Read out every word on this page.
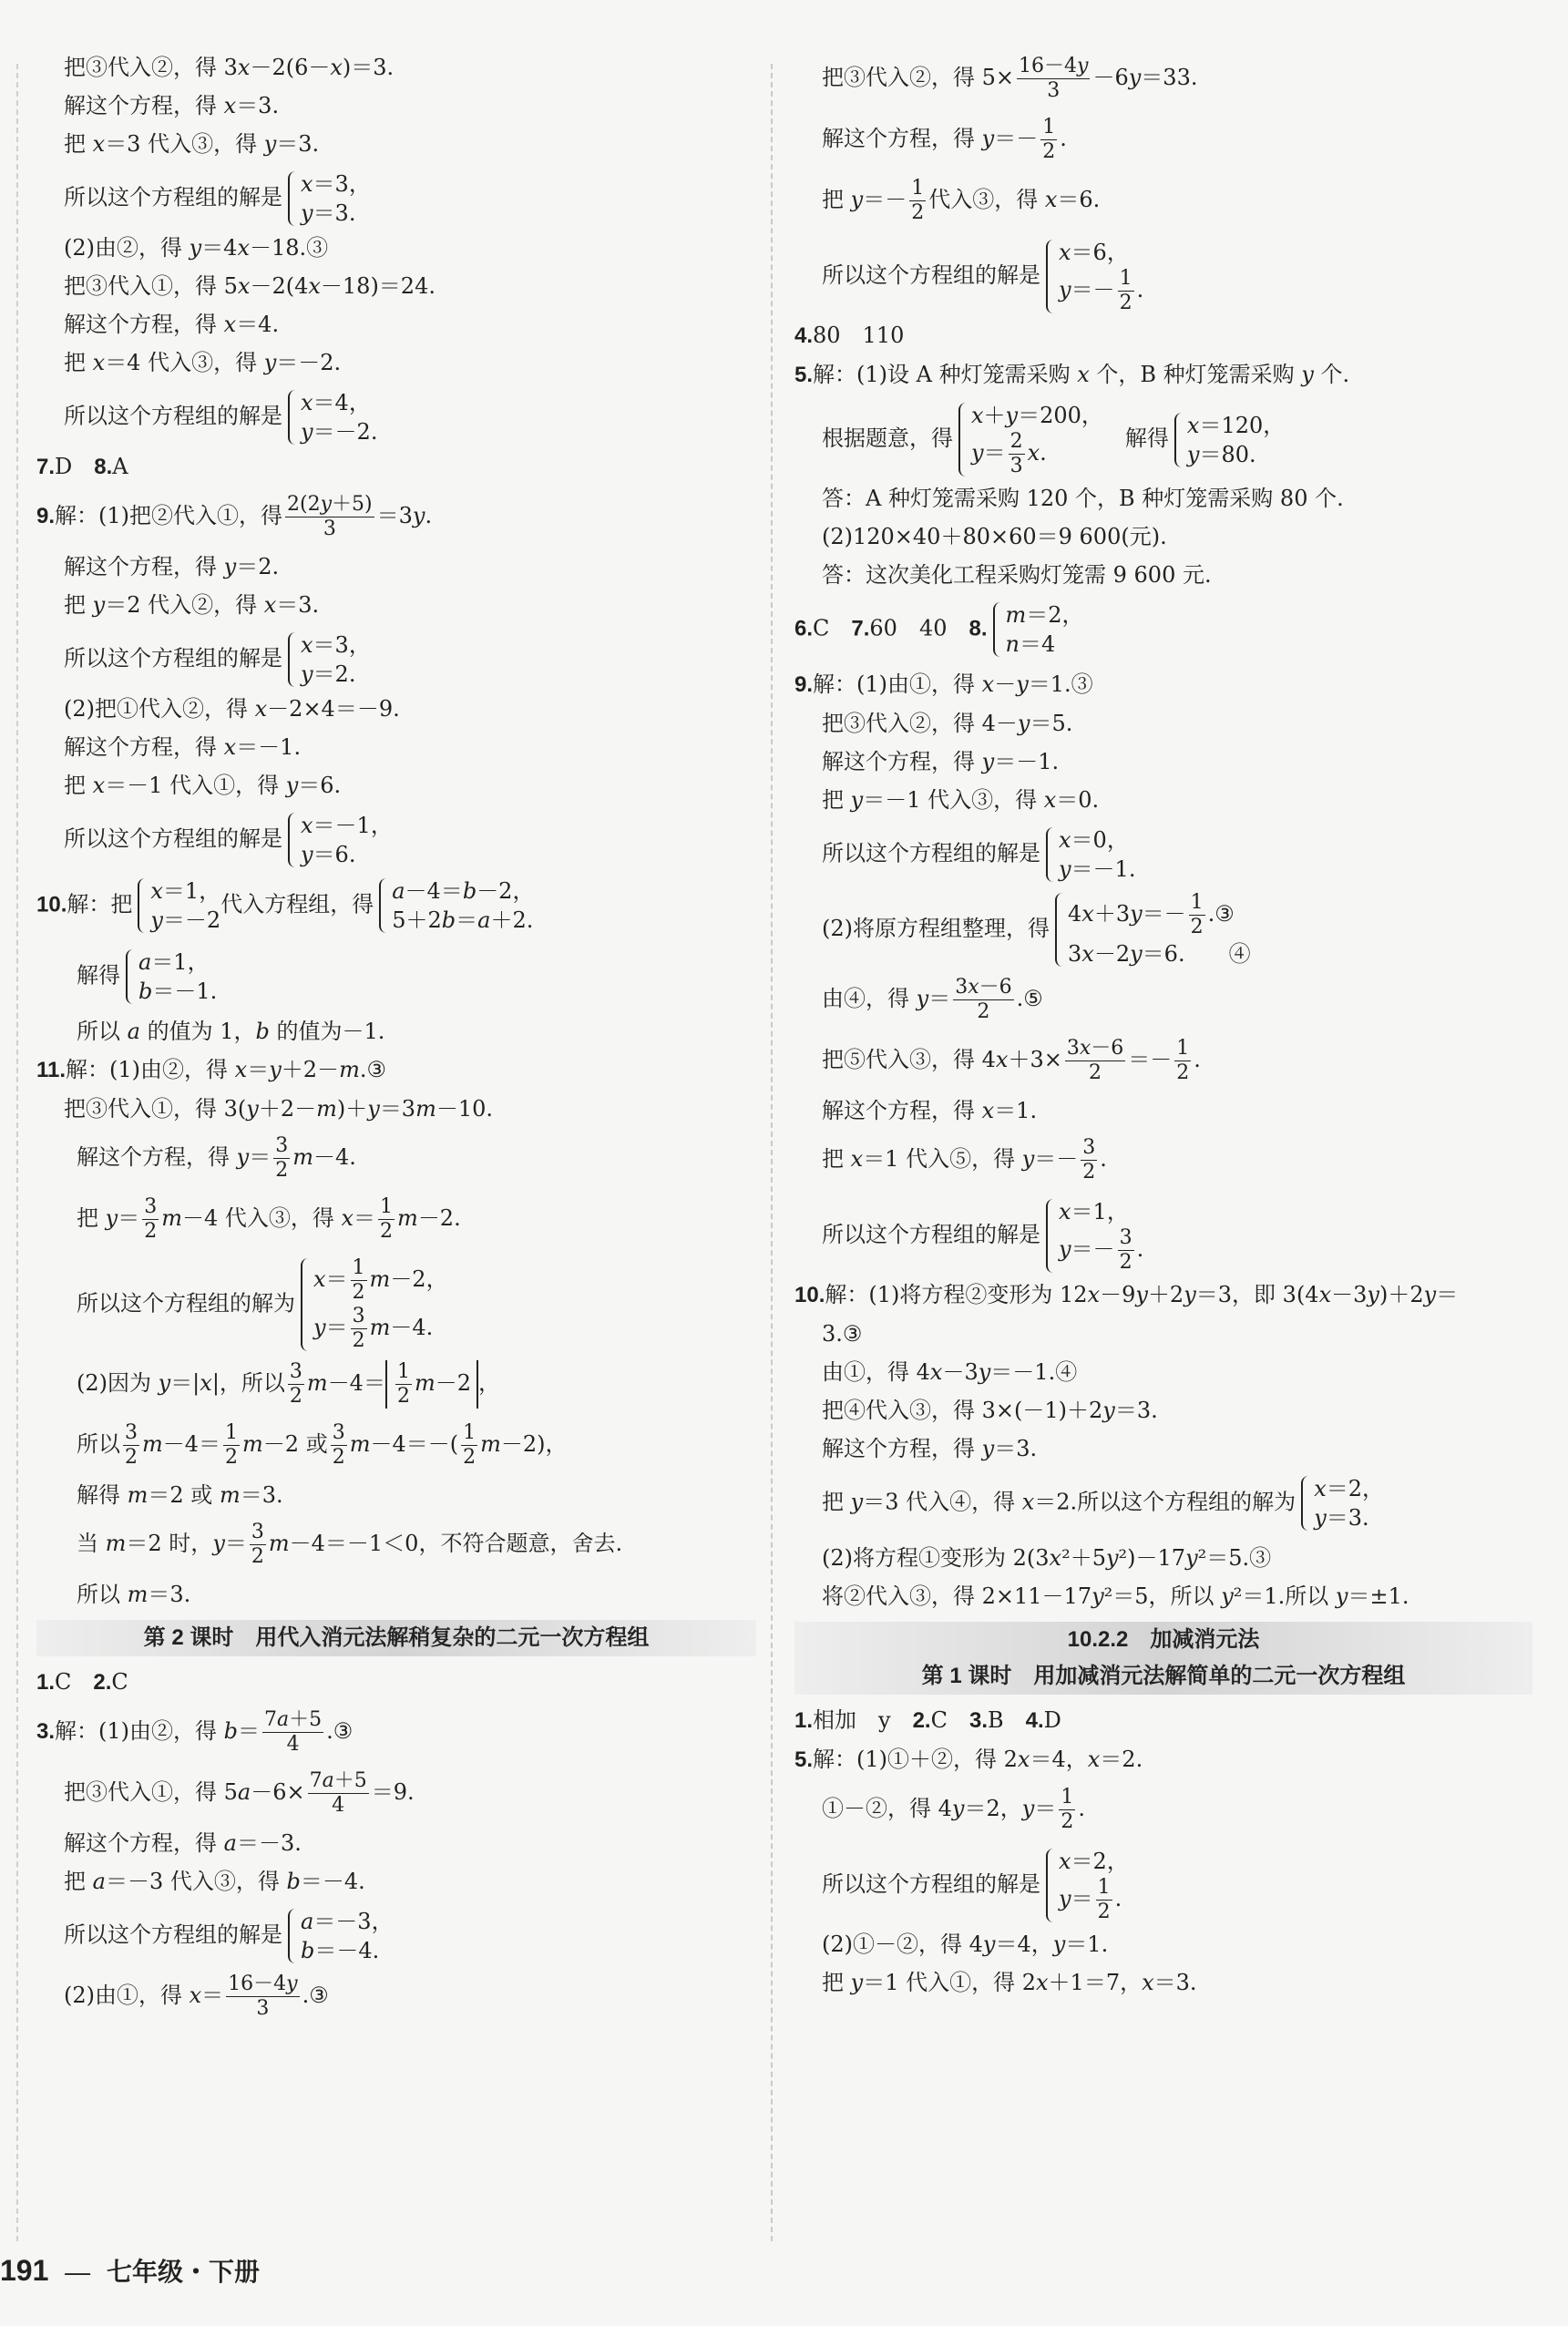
把③代入②，得 3x－2(6－x)＝3.
解这个方程，得 x＝3.
把 x＝3 代入③，得 y＝3.
所以这个方程组的解是
x＝3，
y＝3.
(2)由②，得 y＝4x－18.③
把③代入①，得 5x－2(4x－18)＝24.
解这个方程，得 x＝4.
把 x＝4 代入③，得 y＝－2.
所以这个方程组的解是
x＝4，
y＝－2.
7.D　 8.A
9.解：(1)把②代入①，得 $\frac{2(2y+5)}{3} =3y$.
解这个方程，得 y＝2.
把 y＝2 代入②，得 x＝3.
所以这个方程组的解是
x＝3，
y＝2.
(2)把①代入②，得 x－2×4＝－9.
解这个方程，得 x＝－1.
把 x＝－1 代入①，得 y＝6.
所以这个方程组的解是
x＝－1，
y＝6.
10.解：把
x＝1，
y＝－2
代入方程组，得
a－4＝b－2，
5＋2b＝a＋2.
解得
a＝1，
b＝－1.
所以 a 的值为 1，b 的值为－1.
11.解：(1)由②，得 x＝y＋2－m.③
把③代入①，得 3(y＋2－m)＋y＝3m－10.
解这个方程，得 $y= \frac{3}{2} m-4$.
把 $y= \frac{3}{2} m-4$ 代入③，得 $x= \frac{1}{2} m-2$.
所以这个方程组的解为
$x= \frac{1}{2} m-2$，
$y= \frac{3}{2} m-4$.
(2)因为 y＝|x|，所以 $\frac{3}{2} m-4= \frac{1}{2} m-2$ ，
所以 $\frac{3}{2} m-4= \frac{1}{2} m-2$ 或 $\frac{3}{2} m-4=-( \frac{1}{2} m-2)$，
解得 m＝2 或 m＝3.
当 m＝2 时，$y= \frac{3}{2} m-4=-1<0$，不符合题意，舍去.
所以 m＝3.
第 2 课时　用代入消元法解稍复杂的二元一次方程组
1.C　 2.C
3.解：(1)由②，得 $b= \frac{7a+5}{4}$ .③
把③代入①，得 $5a-6\times \frac{7a+5}{4} =9$.
解这个方程，得 a＝－3.
把 a＝－3 代入③，得 b＝－4.
所以这个方程组的解是
a＝－3，
b＝－4.
(2)由①，得 $x= \frac{16-4y}{3}$ .③
把③代入②，得 $5\times \frac{16-4y}{3} -6y=33$.
解这个方程，得 $y=- \frac{1}{2}$ .
把 $y=- \frac{1}{2}$ 代入③，得 x＝6.
所以这个方程组的解是
x＝6，
$y=- \frac{1}{2}$ .
4.80　110
5.解：(1)设 A 种灯笼需采购 x 个，B 种灯笼需采购 y 个.
根据题意，得
x＋y＝200，
$y= \frac{2}{3} x$.
　解得
x＝120，
y＝80.
答：A 种灯笼需采购 120 个，B 种灯笼需采购 80 个.
(2)120×40＋80×60＝9 600(元).
答：这次美化工程采购灯笼需 9 600 元.
6.C　 7.60　40　 8.
m＝2，
n＝4
9.解：(1)由①，得 x－y＝1.③
把③代入②，得 4－y＝5.
解这个方程，得 y＝－1.
把 y＝－1 代入③，得 x＝0.
所以这个方程组的解是
x＝0，
y＝－1.
(2)将原方程组整理，得
$4x+3y=- \frac{1}{2}$ .③
3x－2y＝6.　　④
由④，得 $y= \frac{3x-6}{2}$ .⑤
把⑤代入③，得 $4x+3\times \frac{3x-6}{2} =- \frac{1}{2}$ .
解这个方程，得 x＝1.
把 x＝1 代入⑤，得 $y=- \frac{3}{2}$ .
所以这个方程组的解是
x＝1，
$y=- \frac{3}{2}$ .
10.解：(1)将方程②变形为 12x－9y＋2y＝3，即 3(4x－3y)＋2y＝
3.③
由①，得 4x－3y＝－1.④
把④代入③，得 3×(－1)＋2y＝3.
解这个方程，得 y＝3.
把 y＝3 代入④，得 x＝2.所以这个方程组的解为
x＝2，
y＝3.
(2)将方程①变形为 2(3x²＋5y²)－17y²＝5.③
将②代入③，得 2×11－17y²＝5，所以 y²＝1.所以 y＝±1.
10.2.2　加减消元法
第 1 课时　用加减消元法解简单的二元一次方程组
1.相加　y　 2.C　 3.B　 4.D
5.解：(1)①＋②，得 2x＝4，x＝2.
①－②，得 4y＝2，$y= \frac{1}{2}$ .
所以这个方程组的解是
x＝2，
$y= \frac{1}{2}$ .
(2)①－②，得 4y＝4，y＝1.
把 y＝1 代入①，得 2x＋1＝7，x＝3.
191 — 七年级・下册
